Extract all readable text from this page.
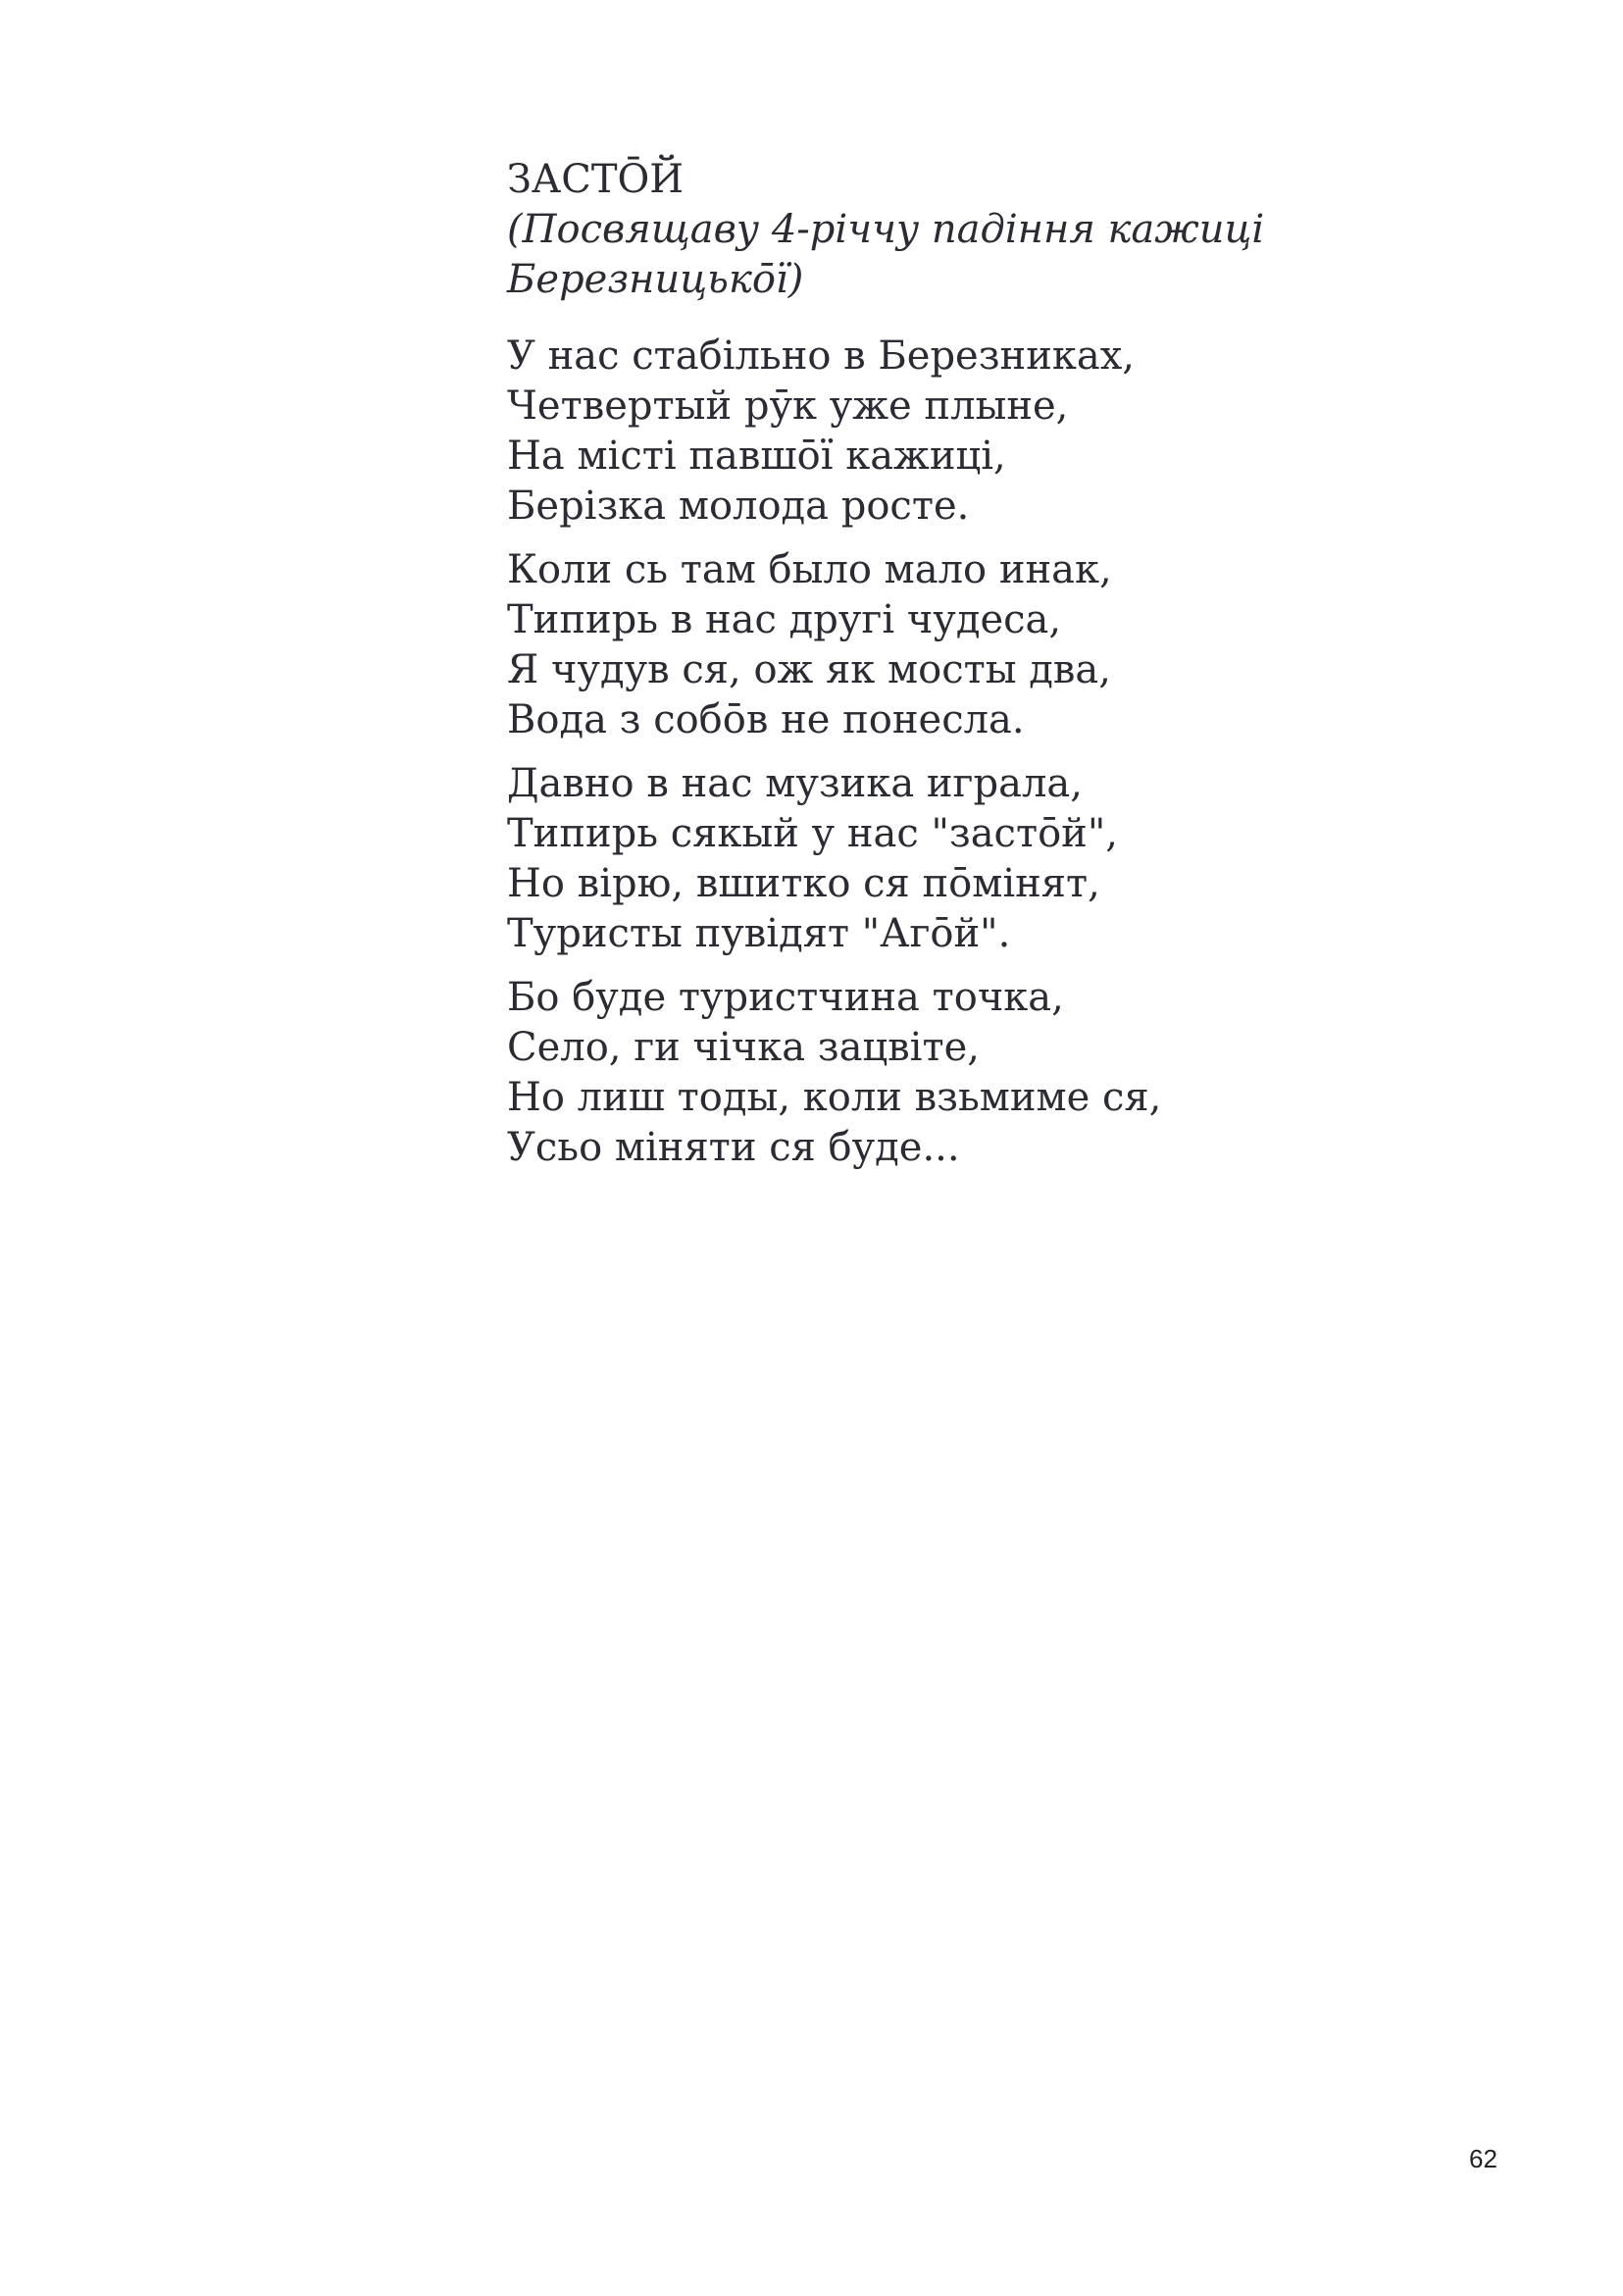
ЗАСТŌЙ

(Посвящаву 4-річчу падіння кажиці
Березницькōї)

У нас стабільно в Березниках,
Четвертый рӯк уже плыне,
На місті павшōї кажиці,
Берізка молода росте.
Коли сь там было мало инак,
Типирь в нас другі чудеса,
Я чудув ся, ож як мосты два,
Вода з собōв не понесла.
Давно в нас музика играла,
Типирь сякый у нас "застōй",
Но вірю, вшитко ся пōмінят,
Туристы пувідят "Агōй".
Бо буде туристчина точка,
Село, ги чічка зацвіте,
Но лиш тоды, коли взьмиме ся,
Усьо міняти ся буде...
62
